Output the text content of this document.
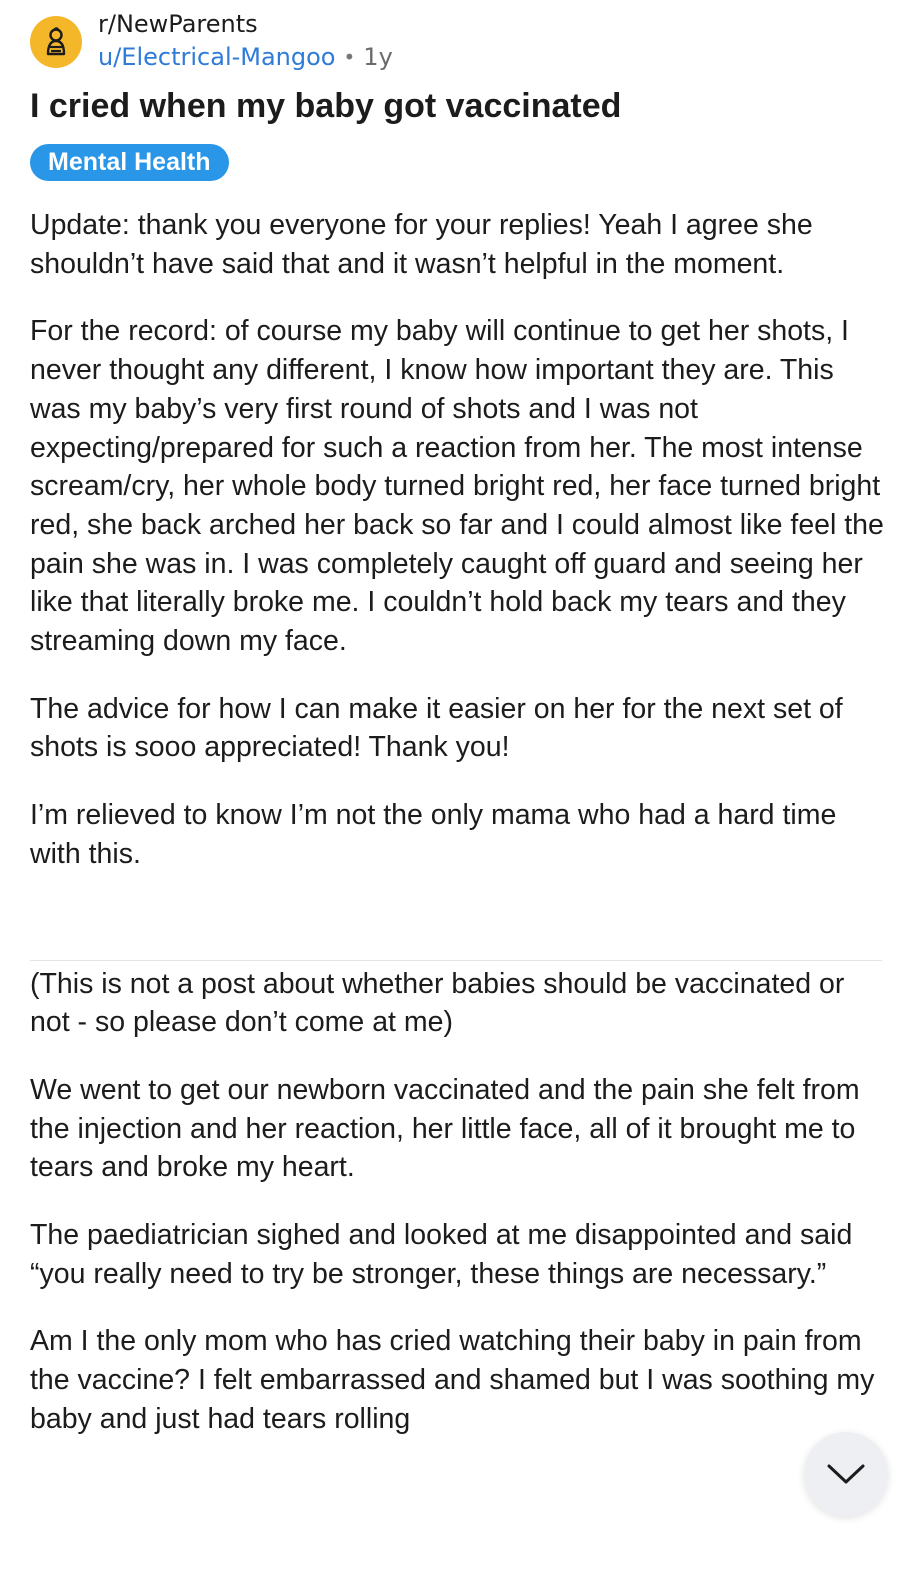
r/NewParents
u/Electrical-Mangoo • 1y
I cried when my baby got vaccinated
Mental Health

Update: thank you everyone for your replies! Yeah I agree she shouldn’t have said that and it wasn’t helpful in the moment.

For the record: of course my baby will continue to get her shots, I never thought any different, I know how important they are. This was my baby’s very first round of shots and I was not expecting/prepared for such a reaction from her. The most intense scream/cry, her whole body turned bright red, her face turned bright red, she back arched her back so far and I could almost like feel the pain she was in. I was completely caught off guard and seeing her like that literally broke me. I couldn’t hold back my tears and they streaming down my face.

The advice for how I can make it easier on her for the next set of shots is sooo appreciated! Thank you!

I’m relieved to know I’m not the only mama who had a hard time with this.

(This is not a post about whether babies should be vaccinated or not - so please don’t come at me)

We went to get our newborn vaccinated and the pain she felt from the injection and her reaction, her little face, all of it brought me to tears and broke my heart.

The paediatrician sighed and looked at me disappointed and said “you really need to try be stronger, these things are necessary.”

Am I the only mom who has cried watching their baby in pain from the vaccine? I felt embarrassed and shamed but I was soothing my baby and just had tears rolling
